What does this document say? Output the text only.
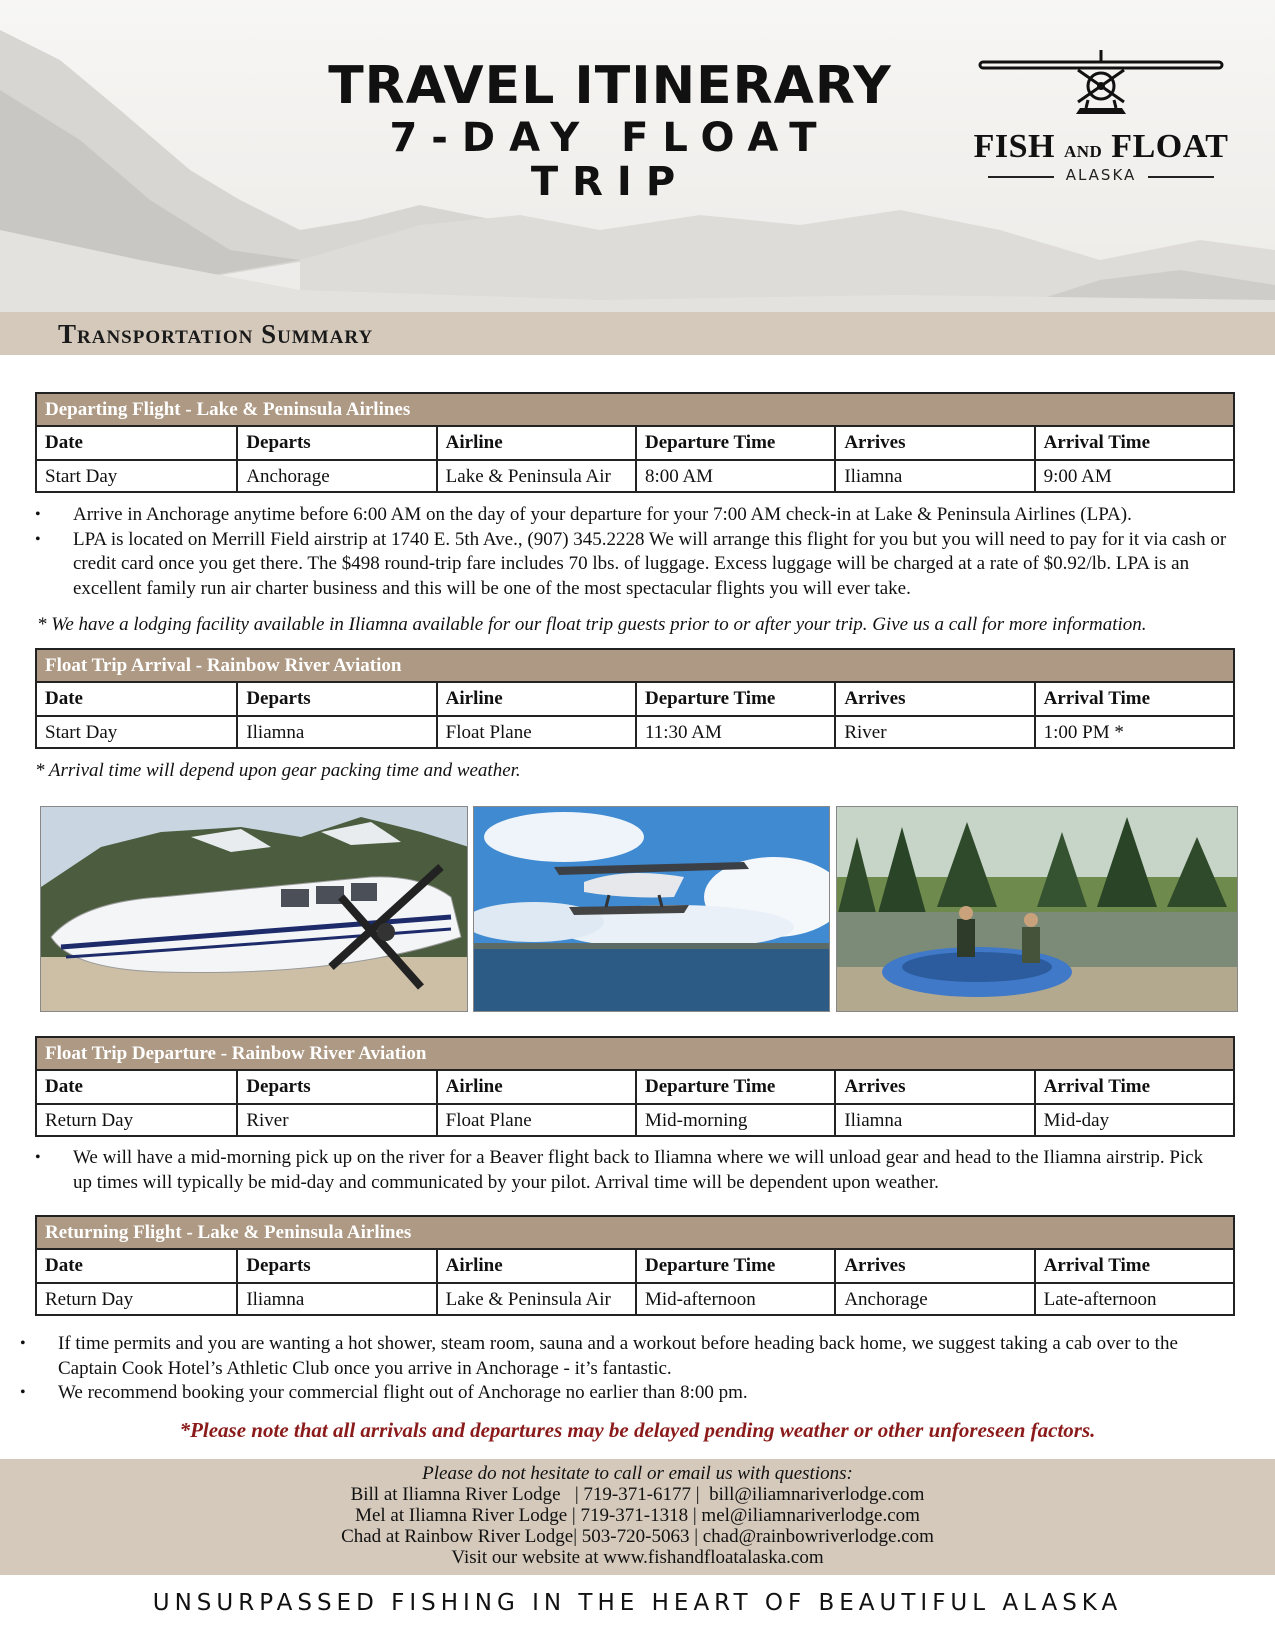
TRAVEL ITINERARY
7-DAY FLOAT TRIP
FISH AND FLOAT
ALASKA
Transportation Summary
Departing Flight - Lake & Peninsula Airlines
Date	Departs	Airline	Departure Time	Arrives	Arrival Time
Start Day	Anchorage	Lake & Peninsula Air	8:00 AM	Iliamna	9:00 AM
• Arrive in Anchorage anytime before 6:00 AM on the day of your departure for your 7:00 AM check-in at Lake & Peninsula Airlines (LPA).
• LPA is located on Merrill Field airstrip at 1740 E. 5th Ave., (907) 345.2228 We will arrange this flight for you but you will need to pay for it via cash or credit card once you get there. The $498 round-trip fare includes 70 lbs. of luggage. Excess luggage will be charged at a rate of $0.92/lb. LPA is an excellent family run air charter business and this will be one of the most spectacular flights you will ever take.
* We have a lodging facility available in Iliamna available for our float trip guests prior to or after your trip. Give us a call for more information.
Float Trip Arrival - Rainbow River Aviation
Date	Departs	Airline	Departure Time	Arrives	Arrival Time
Start Day	Iliamna	Float Plane	11:30 AM	River	1:00 PM *
* Arrival time will depend upon gear packing time and weather.
Float Trip Departure - Rainbow River Aviation
Date	Departs	Airline	Departure Time	Arrives	Arrival Time
Return Day	River	Float Plane	Mid-morning	Iliamna	Mid-day
• We will have a mid-morning pick up on the river for a Beaver flight back to Iliamna where we will unload gear and head to the Iliamna airstrip. Pick up times will typically be mid-day and communicated by your pilot. Arrival time will be dependent upon weather.
Returning Flight - Lake & Peninsula Airlines
Date	Departs	Airline	Departure Time	Arrives	Arrival Time
Return Day	Iliamna	Lake & Peninsula Air	Mid-afternoon	Anchorage	Late-afternoon
• If time permits and you are wanting a hot shower, steam room, sauna and a workout before heading back home, we suggest taking a cab over to the Captain Cook Hotel’s Athletic Club once you arrive in Anchorage - it’s fantastic.
• We recommend booking your commercial flight out of Anchorage no earlier than 8:00 pm.
*Please note that all arrivals and departures may be delayed pending weather or other unforeseen factors.
Please do not hesitate to call or email us with questions:
Bill at Iliamna River Lodge   | 719-371-6177 |  bill@iliamnariverlodge.com
Mel at Iliamna River Lodge | 719-371-1318 | mel@iliamnariverlodge.com
Chad at Rainbow River Lodge| 503-720-5063 | chad@rainbowriverlodge.com
Visit our website at www.fishandfloatalaska.com
UNSURPASSED FISHING IN THE HEART OF BEAUTIFUL ALASKA
